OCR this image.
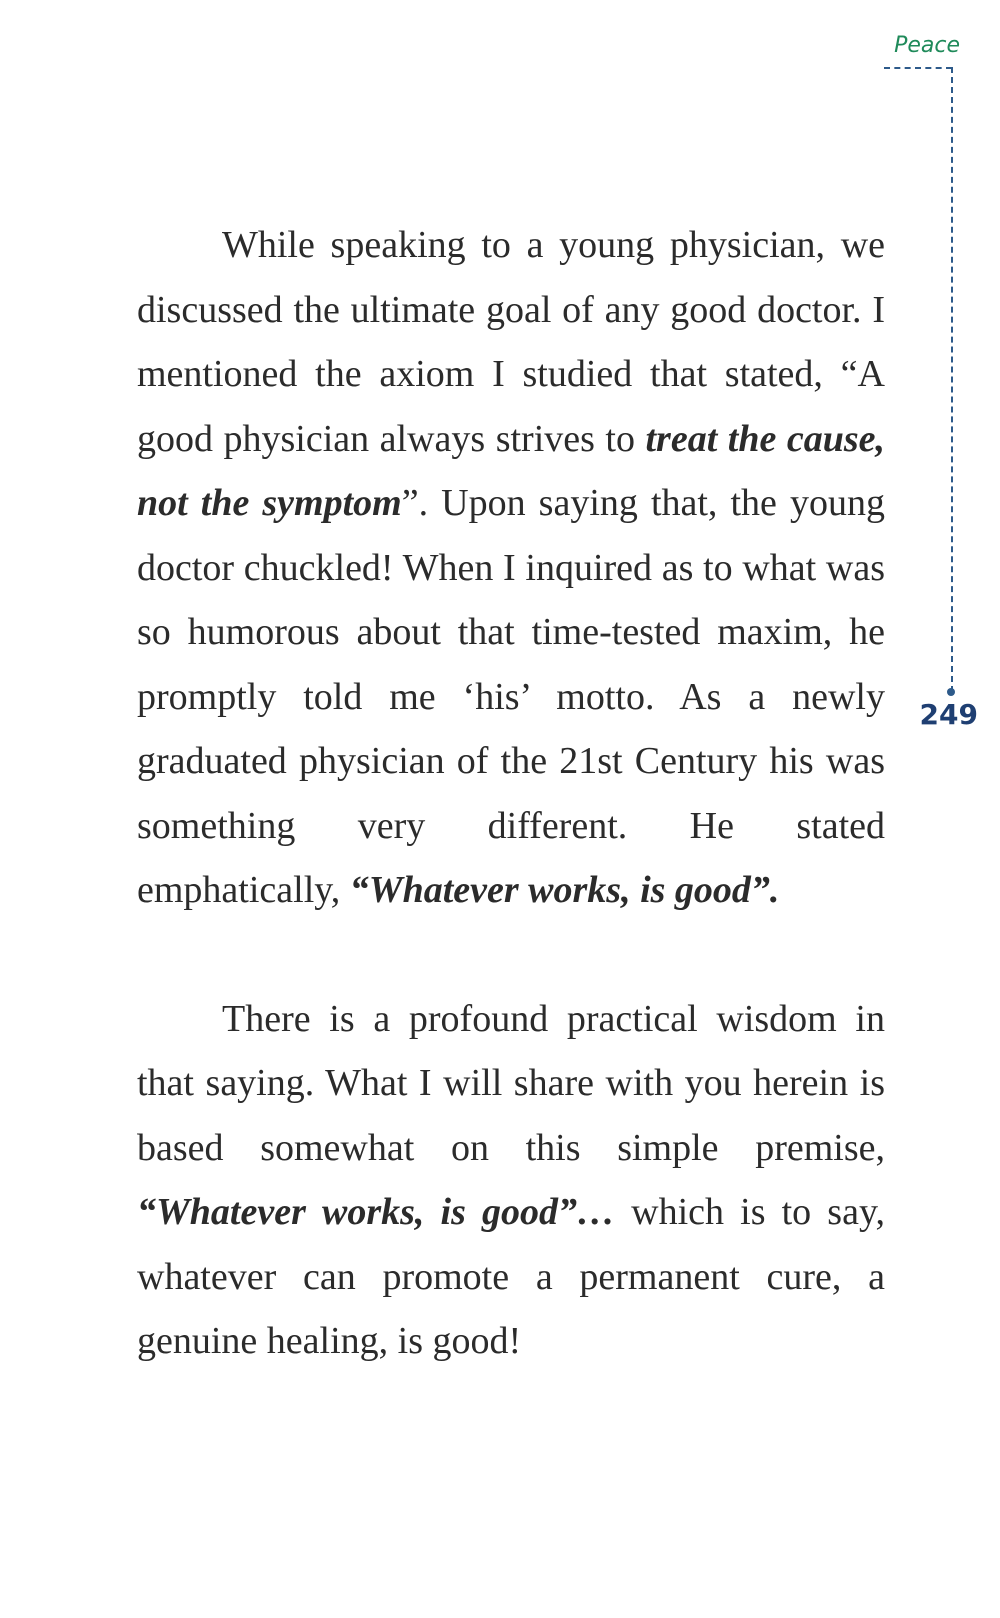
Peace
249

While speaking to a young physician, we discussed the ultimate goal of any good doctor. I mentioned the axiom I studied that stated, “A good physician always strives to treat the cause, not the symptom”. Upon saying that, the young doctor chuckled! When I inquired as to what was so humorous about that time-tested maxim, he promptly told me ‘his’ motto. As a newly graduated physician of the 21st Century his was something very different. He stated emphatically, “Whatever works, is good”.

There is a profound practical wisdom in that saying. What I will share with you herein is based somewhat on this simple premise, “Whatever works, is good”… which is to say, whatever can promote a permanent cure, a genuine healing, is good!
